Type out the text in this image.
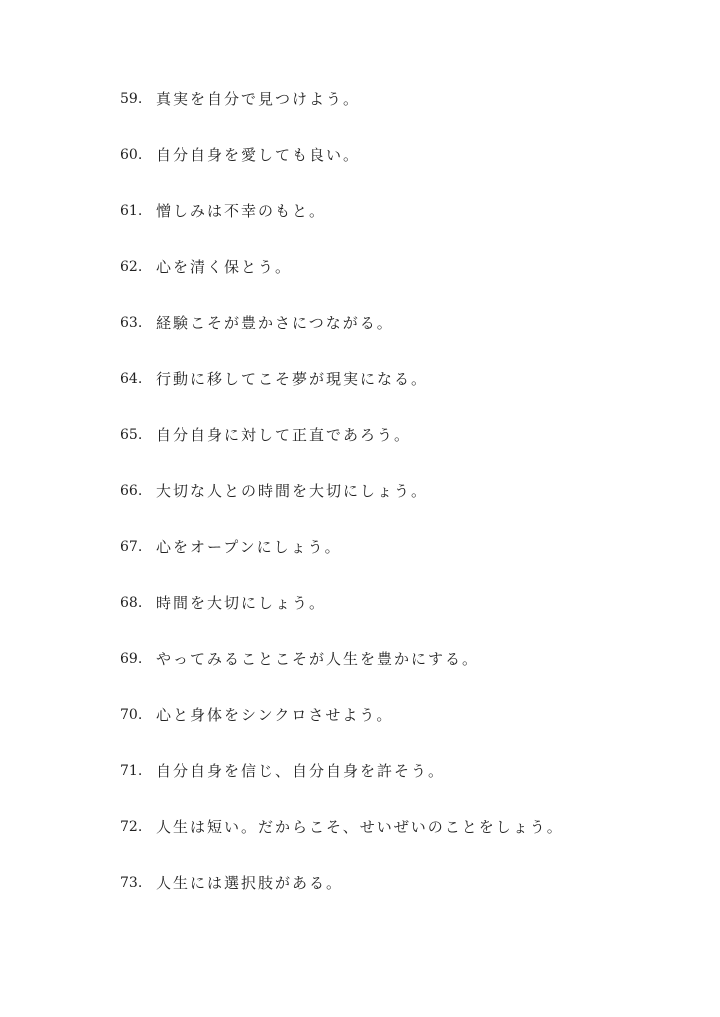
59. 真実を自分で見つけよう。
60. 自分自身を愛しても良い。
61. 憎しみは不幸のもと。
62. 心を清く保とう。
63. 経験こそが豊かさにつながる。
64. 行動に移してこそ夢が現実になる。
65. 自分自身に対して正直であろう。
66. 大切な人との時間を大切にしょう。
67. 心をオープンにしょう。
68. 時間を大切にしょう。
69. やってみることこそが人生を豊かにする。
70. 心と身体をシンクロさせよう。
71. 自分自身を信じ、自分自身を許そう。
72. 人生は短い。だからこそ、せいぜいのことをしょう。
73. 人生には選択肢がある。
